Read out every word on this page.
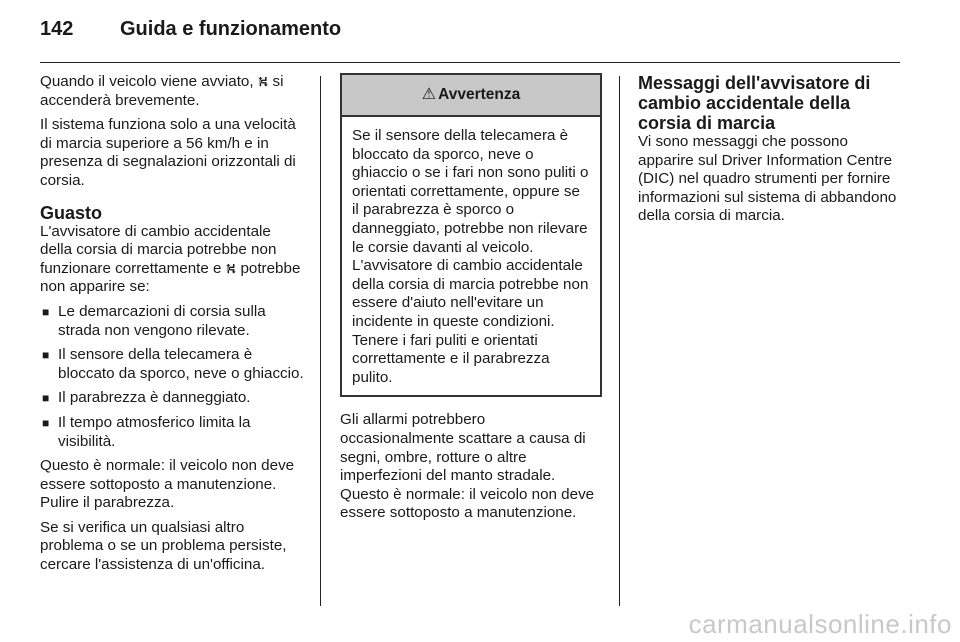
142	Guida e funzionamento

Quando il veicolo viene avviato, ⛕ si accenderà brevemente.

Il sistema funziona solo a una velocità di marcia superiore a 56 km/h e in presenza di segnalazioni orizzontali di corsia.

Guasto

L'avvisatore di cambio accidentale della corsia di marcia potrebbe non funzionare correttamente e ⛕ potrebbe non apparire se:

■ Le demarcazioni di corsia sulla strada non vengono rilevate.
■ Il sensore della telecamera è bloccato da sporco, neve o ghiaccio.
■ Il parabrezza è danneggiato.
■ Il tempo atmosferico limita la visibilità.

Questo è normale: il veicolo non deve essere sottoposto a manutenzione. Pulire il parabrezza.

Se si verifica un qualsiasi altro problema o se un problema persiste, cercare l'assistenza di un'officina.

⚠ Avvertenza
Se il sensore della telecamera è bloccato da sporco, neve o ghiaccio o se i fari non sono puliti o orientati correttamente, oppure se il parabrezza è sporco o danneggiato, potrebbe non rilevare le corsie davanti al veicolo. L'avvisatore di cambio accidentale della corsia di marcia potrebbe non essere d'aiuto nell'evitare un incidente in queste condizioni. Tenere i fari puliti e orientati correttamente e il parabrezza pulito.

Gli allarmi potrebbero occasionalmente scattare a causa di segni, ombre, rotture o altre imperfezioni del manto stradale. Questo è normale: il veicolo non deve essere sottoposto a manutenzione.

Messaggi dell'avvisatore di cambio accidentale della corsia di marcia

Vi sono messaggi che possono apparire sul Driver Information Centre (DIC) nel quadro strumenti per fornire informazioni sul sistema di abbandono della corsia di marcia.

carmanualsonline.info
